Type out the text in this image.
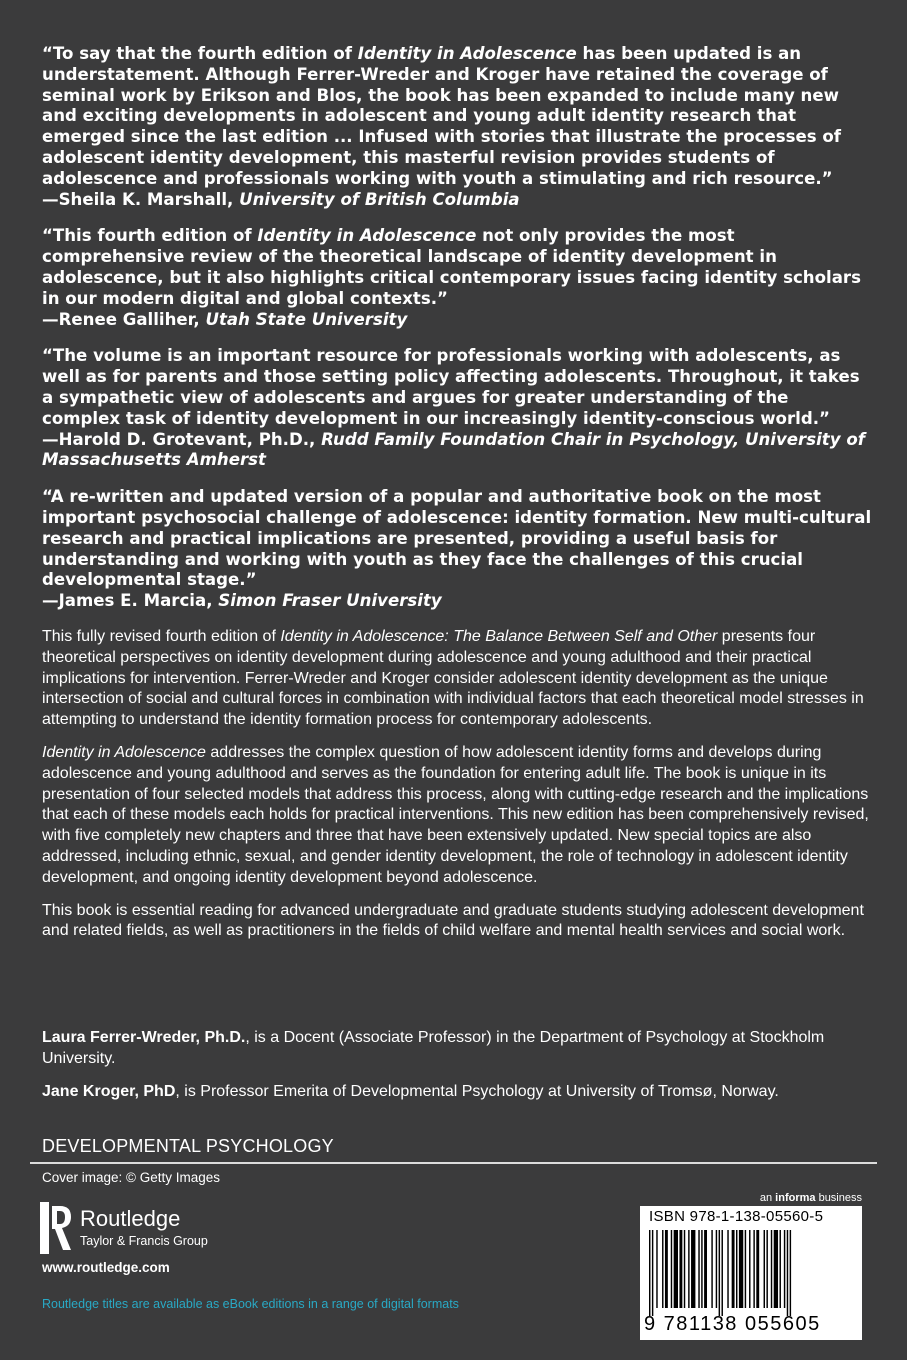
“To say that the fourth edition of Identity in Adolescence has been updated is an understatement. Although Ferrer-Wreder and Kroger have retained the coverage of seminal work by Erikson and Blos, the book has been expanded to include many new and exciting developments in adolescent and young adult identity research that emerged since the last edition ... Infused with stories that illustrate the processes of adolescent identity development, this masterful revision provides students of adolescence and professionals working with youth a stimulating and rich resource.”
—Sheila K. Marshall, University of British Columbia

“This fourth edition of Identity in Adolescence not only provides the most comprehensive review of the theoretical landscape of identity development in adolescence, but it also highlights critical contemporary issues facing identity scholars in our modern digital and global contexts.”
—Renee Galliher, Utah State University

“The volume is an important resource for professionals working with adolescents, as well as for parents and those setting policy affecting adolescents. Throughout, it takes a sympathetic view of adolescents and argues for greater understanding of the complex task of identity development in our increasingly identity-conscious world.”
—Harold D. Grotevant, Ph.D., Rudd Family Foundation Chair in Psychology, University of Massachusetts Amherst

“A re-written and updated version of a popular and authoritative book on the most important psychosocial challenge of adolescence: identity formation. New multi-cultural research and practical implications are presented, providing a useful basis for understanding and working with youth as they face the challenges of this crucial developmental stage.”
—James E. Marcia, Simon Fraser University

This fully revised fourth edition of Identity in Adolescence: The Balance Between Self and Other presents four theoretical perspectives on identity development during adolescence and young adulthood and their practical implications for intervention. Ferrer-Wreder and Kroger consider adolescent identity development as the unique intersection of social and cultural forces in combination with individual factors that each theoretical model stresses in attempting to understand the identity formation process for contemporary adolescents.

Identity in Adolescence addresses the complex question of how adolescent identity forms and develops during adolescence and young adulthood and serves as the foundation for entering adult life. The book is unique in its presentation of four selected models that address this process, along with cutting-edge research and the implications that each of these models each holds for practical interventions. This new edition has been comprehensively revised, with five completely new chapters and three that have been extensively updated. New special topics are also addressed, including ethnic, sexual, and gender identity development, the role of technology in adolescent identity development, and ongoing identity development beyond adolescence.

This book is essential reading for advanced undergraduate and graduate students studying adolescent development and related fields, as well as practitioners in the fields of child welfare and mental health services and social work.

Laura Ferrer-Wreder, Ph.D., is a Docent (Associate Professor) in the Department of Psychology at Stockholm University.

Jane Kroger, PhD, is Professor Emerita of Developmental Psychology at University of Tromsø, Norway.

DEVELOPMENTAL PSYCHOLOGY
Cover image: © Getty Images
Routledge
Taylor & Francis Group
www.routledge.com
Routledge titles are available as eBook editions in a range of digital formats
an informa business
ISBN 978-1-138-05560-5
9 781138 055605
